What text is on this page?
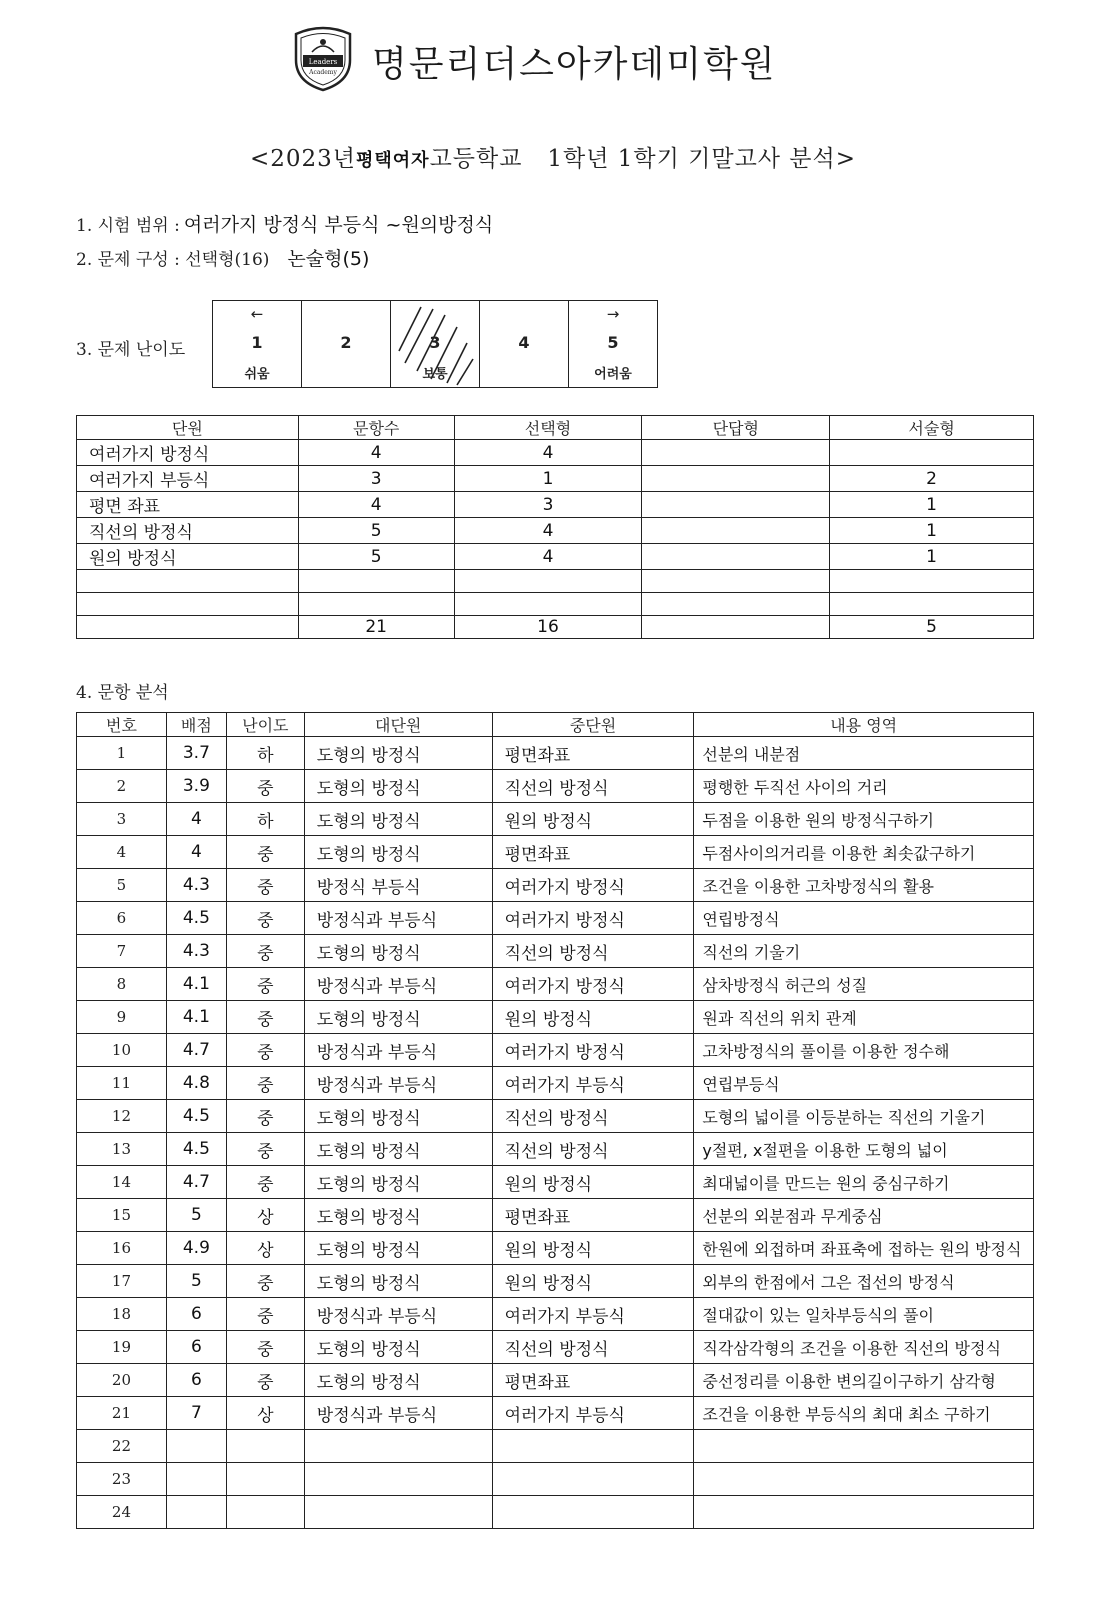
Leaders
Academy 명문리더스아카데미학원
<2023년평택여자고등학교   1학년 1학기 기말고사 분석>
1. 시험 범위 : 여러가지 방정식 부등식 ~원의방정식
2. 문제 구성 : 선택형(16) 논술형(5)
3. 문제 난이도
←
1
쉬움
2	3
보통
4
→
5
어려움
단원	문항수	선택형	단답형	서술형
여러가지 방정식	4	4		
여러가지 부등식	3	1		2
평면 좌표	4	3		1
직선의 방정식	5	4		1
원의 방정식	5	4		1

	21	16		5
4. 문항 분석
번호	배점	난이도	대단원	중단원	내용 영역
1	3.7	하	도형의 방정식	평면좌표	선분의 내분점
2	3.9	중	도형의 방정식	직선의 방정식	평행한 두직선 사이의 거리
3	4	하	도형의 방정식	원의 방정식	두점을 이용한 원의 방정식구하기
4	4	중	도형의 방정식	평면좌표	두점사이의거리를 이용한 최솟값구하기
5	4.3	중	방정식 부등식	여러가지 방정식	조건을 이용한 고차방정식의 활용
6	4.5	중	방정식과 부등식	여러가지 방정식	연립방정식
7	4.3	중	도형의 방정식	직선의 방정식	직선의 기울기
8	4.1	중	방정식과 부등식	여러가지 방정식	삼차방정식 허근의 성질
9	4.1	중	도형의 방정식	원의 방정식	원과 직선의 위치 관계
10	4.7	중	방정식과 부등식	여러가지 방정식	고차방정식의 풀이를 이용한 정수해
11	4.8	중	방정식과 부등식	여러가지 부등식	연립부등식
12	4.5	중	도형의 방정식	직선의 방정식	도형의 넓이를 이등분하는 직선의 기울기
13	4.5	중	도형의 방정식	직선의 방정식	y절편, x절편을 이용한 도형의 넓이
14	4.7	중	도형의 방정식	원의 방정식	최대넓이를 만드는 원의 중심구하기
15	5	상	도형의 방정식	평면좌표	선분의 외분점과 무게중심
16	4.9	상	도형의 방정식	원의 방정식	한원에 외접하며 좌표축에 접하는 원의 방정식
17	5	중	도형의 방정식	원의 방정식	외부의 한점에서 그은 접선의 방정식
18	6	중	방정식과 부등식	여러가지 부등식	절대값이 있는 일차부등식의 풀이
19	6	중	도형의 방정식	직선의 방정식	직각삼각형의 조건을 이용한 직선의 방정식
20	6	중	도형의 방정식	평면좌표	중선정리를 이용한 변의길이구하기 삼각형
21	7	상	방정식과 부등식	여러가지 부등식	조건을 이용한 부등식의 최대 최소 구하기
22					
23					
24					
